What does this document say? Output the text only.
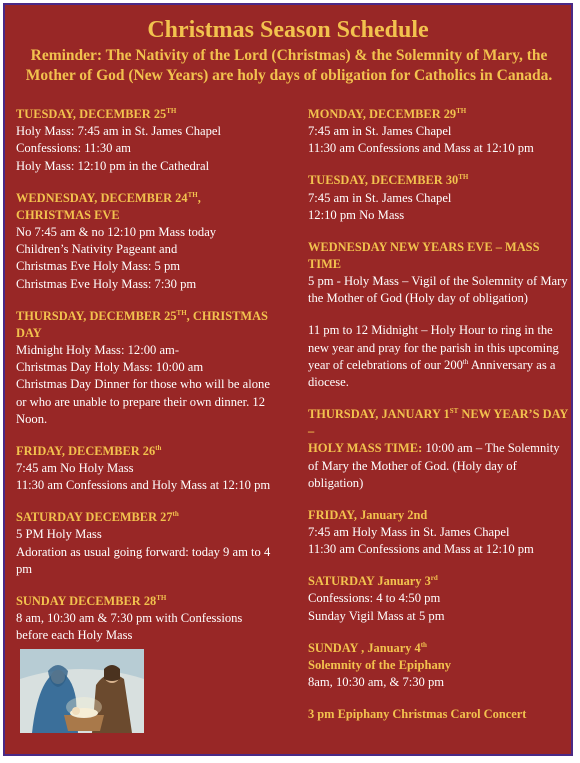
Christmas Season Schedule
Reminder: The Nativity of the Lord (Christmas) & the Solemnity of Mary, the Mother of God (New Years) are holy days of obligation for Catholics in Canada.
TUESDAY, DECEMBER 25TH
Holy Mass: 7:45 am in St. James Chapel
Confessions: 11:30 am
Holy Mass: 12:10 pm in the Cathedral
WEDNESDAY, DECEMBER 24TH, CHRISTMAS EVE
No 7:45 am & no 12:10 pm Mass today
Children’s Nativity Pageant and
Christmas Eve Holy Mass: 5 pm
Christmas Eve Holy Mass: 7:30 pm
THURSDAY, DECEMBER 25TH, CHRISTMAS DAY
Midnight Holy Mass: 12:00 am-
Christmas Day Holy Mass: 10:00 am
Christmas Day Dinner for those who will be alone or who are unable to prepare their own dinner. 12 Noon.
FRIDAY, DECEMBER 26th
7:45 am No Holy Mass
11:30 am Confessions and Holy Mass at 12:10 pm
SATURDAY DECEMBER 27th
5 PM Holy Mass
Adoration as usual going forward: today 9 am to 4 pm
SUNDAY DECEMBER 28TH
8 am, 10:30 am & 7:30 pm with Confessions before each Holy Mass
MONDAY, DECEMBER 29TH
7:45 am in St. James Chapel
11:30 am Confessions and Mass at 12:10 pm
TUESDAY, DECEMBER 30TH
7:45 am in St. James Chapel
12:10 pm No Mass
WEDNESDAY NEW YEARS EVE – MASS TIME
5 pm - Holy Mass – Vigil of the Solemnity of Mary the Mother of God (Holy day of obligation)
11 pm to 12 Midnight – Holy Hour to ring in the new year and pray for the parish in this upcoming year of celebrations of our 200th Anniversary as a diocese.
THURSDAY, JANUARY 1ST NEW YEAR’S DAY –
HOLY MASS TIME: 10:00 am – The Solemnity of Mary the Mother of God. (Holy day of obligation)
FRIDAY, January 2nd
7:45 am Holy Mass in St. James Chapel
11:30 am Confessions and Mass at 12:10 pm
SATURDAY January 3rd
Confessions: 4 to 4:50 pm
Sunday Vigil Mass at 5 pm
SUNDAY , January 4th
Solemnity of the Epiphany
8am, 10:30 am, & 7:30 pm
3 pm Epiphany Christmas Carol Concert
